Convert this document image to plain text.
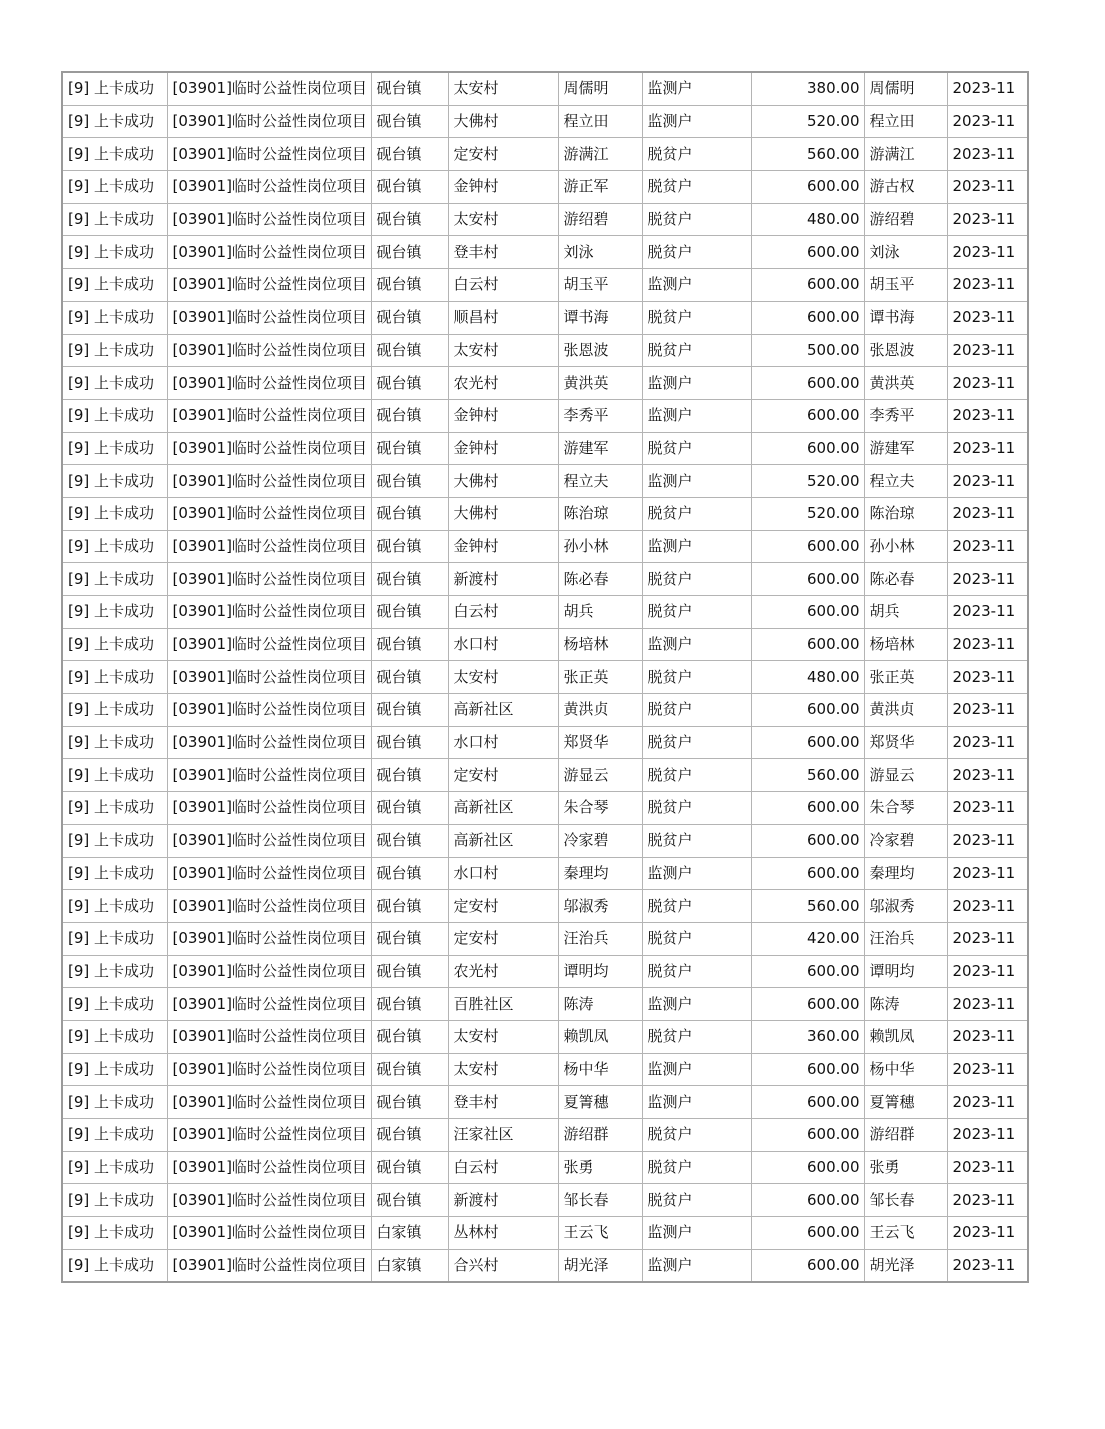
[9] 上卡成功	[03901]临时公益性岗位项目	砚台镇	太安村	周儒明	监测户	380.00	周儒明	2023-11
[9] 上卡成功	[03901]临时公益性岗位项目	砚台镇	大佛村	程立田	监测户	520.00	程立田	2023-11
[9] 上卡成功	[03901]临时公益性岗位项目	砚台镇	定安村	游满江	脱贫户	560.00	游满江	2023-11
[9] 上卡成功	[03901]临时公益性岗位项目	砚台镇	金钟村	游正军	脱贫户	600.00	游古权	2023-11
[9] 上卡成功	[03901]临时公益性岗位项目	砚台镇	太安村	游绍碧	脱贫户	480.00	游绍碧	2023-11
[9] 上卡成功	[03901]临时公益性岗位项目	砚台镇	登丰村	刘泳	脱贫户	600.00	刘泳	2023-11
[9] 上卡成功	[03901]临时公益性岗位项目	砚台镇	白云村	胡玉平	监测户	600.00	胡玉平	2023-11
[9] 上卡成功	[03901]临时公益性岗位项目	砚台镇	顺昌村	谭书海	脱贫户	600.00	谭书海	2023-11
[9] 上卡成功	[03901]临时公益性岗位项目	砚台镇	太安村	张恩波	脱贫户	500.00	张恩波	2023-11
[9] 上卡成功	[03901]临时公益性岗位项目	砚台镇	农光村	黄洪英	监测户	600.00	黄洪英	2023-11
[9] 上卡成功	[03901]临时公益性岗位项目	砚台镇	金钟村	李秀平	监测户	600.00	李秀平	2023-11
[9] 上卡成功	[03901]临时公益性岗位项目	砚台镇	金钟村	游建军	脱贫户	600.00	游建军	2023-11
[9] 上卡成功	[03901]临时公益性岗位项目	砚台镇	大佛村	程立夫	监测户	520.00	程立夫	2023-11
[9] 上卡成功	[03901]临时公益性岗位项目	砚台镇	大佛村	陈治琼	脱贫户	520.00	陈治琼	2023-11
[9] 上卡成功	[03901]临时公益性岗位项目	砚台镇	金钟村	孙小林	监测户	600.00	孙小林	2023-11
[9] 上卡成功	[03901]临时公益性岗位项目	砚台镇	新渡村	陈必春	脱贫户	600.00	陈必春	2023-11
[9] 上卡成功	[03901]临时公益性岗位项目	砚台镇	白云村	胡兵	脱贫户	600.00	胡兵	2023-11
[9] 上卡成功	[03901]临时公益性岗位项目	砚台镇	水口村	杨培林	监测户	600.00	杨培林	2023-11
[9] 上卡成功	[03901]临时公益性岗位项目	砚台镇	太安村	张正英	脱贫户	480.00	张正英	2023-11
[9] 上卡成功	[03901]临时公益性岗位项目	砚台镇	高新社区	黄洪贞	脱贫户	600.00	黄洪贞	2023-11
[9] 上卡成功	[03901]临时公益性岗位项目	砚台镇	水口村	郑贤华	脱贫户	600.00	郑贤华	2023-11
[9] 上卡成功	[03901]临时公益性岗位项目	砚台镇	定安村	游显云	脱贫户	560.00	游显云	2023-11
[9] 上卡成功	[03901]临时公益性岗位项目	砚台镇	高新社区	朱合琴	脱贫户	600.00	朱合琴	2023-11
[9] 上卡成功	[03901]临时公益性岗位项目	砚台镇	高新社区	冷家碧	脱贫户	600.00	冷家碧	2023-11
[9] 上卡成功	[03901]临时公益性岗位项目	砚台镇	水口村	秦理均	监测户	600.00	秦理均	2023-11
[9] 上卡成功	[03901]临时公益性岗位项目	砚台镇	定安村	邬淑秀	脱贫户	560.00	邬淑秀	2023-11
[9] 上卡成功	[03901]临时公益性岗位项目	砚台镇	定安村	汪治兵	脱贫户	420.00	汪治兵	2023-11
[9] 上卡成功	[03901]临时公益性岗位项目	砚台镇	农光村	谭明均	脱贫户	600.00	谭明均	2023-11
[9] 上卡成功	[03901]临时公益性岗位项目	砚台镇	百胜社区	陈涛	监测户	600.00	陈涛	2023-11
[9] 上卡成功	[03901]临时公益性岗位项目	砚台镇	太安村	赖凯凤	脱贫户	360.00	赖凯凤	2023-11
[9] 上卡成功	[03901]临时公益性岗位项目	砚台镇	太安村	杨中华	监测户	600.00	杨中华	2023-11
[9] 上卡成功	[03901]临时公益性岗位项目	砚台镇	登丰村	夏箐穗	监测户	600.00	夏箐穗	2023-11
[9] 上卡成功	[03901]临时公益性岗位项目	砚台镇	汪家社区	游绍群	脱贫户	600.00	游绍群	2023-11
[9] 上卡成功	[03901]临时公益性岗位项目	砚台镇	白云村	张勇	脱贫户	600.00	张勇	2023-11
[9] 上卡成功	[03901]临时公益性岗位项目	砚台镇	新渡村	邹长春	脱贫户	600.00	邹长春	2023-11
[9] 上卡成功	[03901]临时公益性岗位项目	白家镇	丛林村	王云飞	监测户	600.00	王云飞	2023-11
[9] 上卡成功	[03901]临时公益性岗位项目	白家镇	合兴村	胡光泽	监测户	600.00	胡光泽	2023-11
